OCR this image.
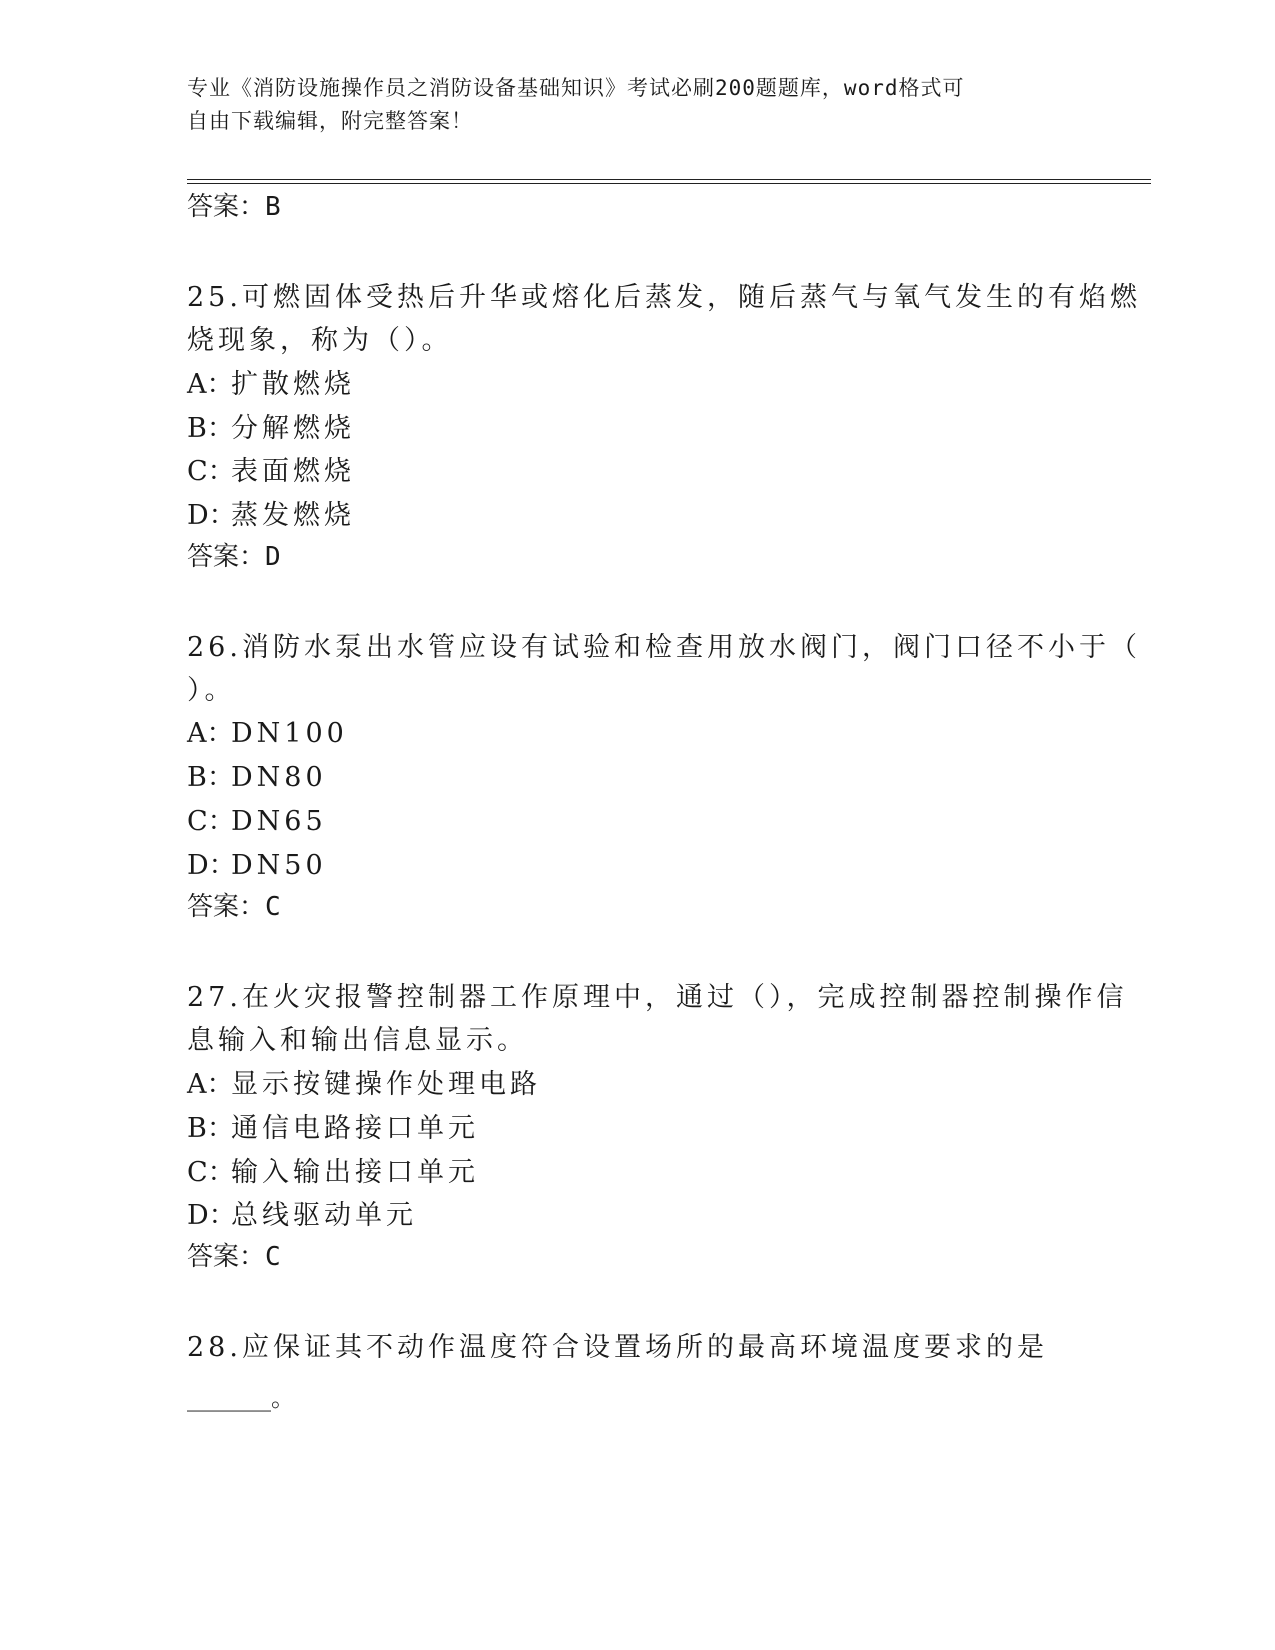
专业《消防设施操作员之消防设备基础知识》考试必刷200题题库，word格式可
自由下载编辑，附完整答案！
答案：B
25.可燃固体受热后升华或熔化后蒸发，随后蒸气与氧气发生的有焰燃
烧现象，称为（）。
A：扩散燃烧
B：分解燃烧
C：表面燃烧
D：蒸发燃烧
答案：D
26.消防水泵出水管应设有试验和检查用放水阀门，阀门口径不小于（
）。
A：DN100
B：DN80
C：DN65
D：DN50
答案：C
27.在火灾报警控制器工作原理中，通过（），完成控制器控制操作信
息输入和输出信息显示。
A：显示按键操作处理电路
B：通信电路接口单元
C：输入输出接口单元
D：总线驱动单元
答案：C
28.应保证其不动作温度符合设置场所的最高环境温度要求的是
_______。
